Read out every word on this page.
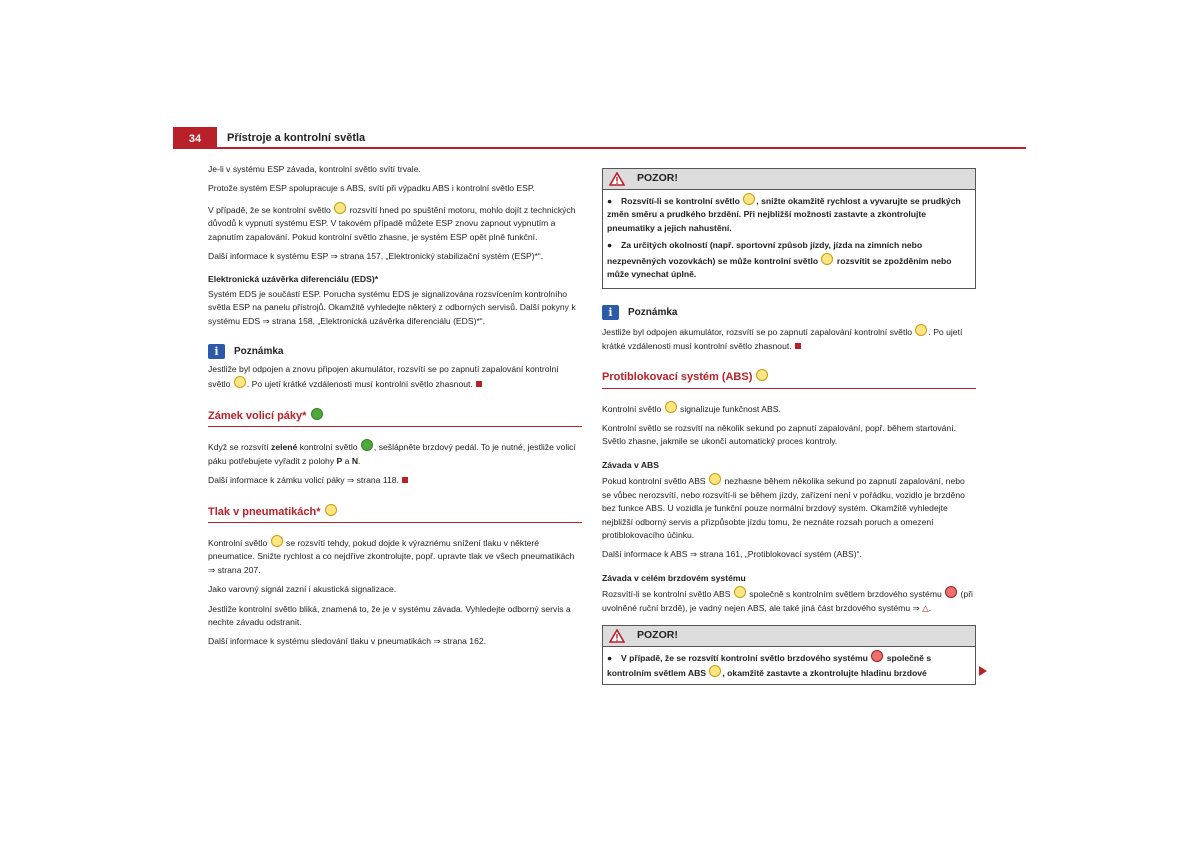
34	Přístroje a kontrolní světla

Je-li v systému ESP závada, kontrolní světlo svítí trvale.

Protože systém ESP spolupracuje s ABS, svítí při výpadku ABS i kontrolní světlo ESP.

V případě, že se kontrolní světlo rozsvítí hned po spuštění motoru, mohlo dojít z technických důvodů k vypnutí systému ESP. V takovém případě můžete ESP znovu zapnout vypnutím a zapnutím zapalování. Pokud kontrolní světlo zhasne, je systém ESP opět plně funkční.

Další informace k systému ESP ⇒ strana 157, „Elektronický stabilizační systém (ESP)*“.

Elektronická uzávěrka diferenciálu (EDS)*

Systém EDS je součástí ESP. Porucha systému EDS je signalizována rozsvícením kontrolního světla ESP na panelu přístrojů. Okamžitě vyhledejte některý z odborných servisů. Další pokyny k systému EDS ⇒ strana 158, „Elektronická uzávěrka diferenciálu (EDS)*“.

i	Poznámka

Jestliže byl odpojen a znovu připojen akumulátor, rozsvítí se po zapnutí zapalování kontrolní světlo . Po ujetí krátké vzdálenosti musí kontrolní světlo zhasnout.

Zámek volicí páky*

Když se rozsvítí zelené kontrolní světlo , sešlápněte brzdový pedál. To je nutné, jestliže volicí páku potřebujete vyřadit z polohy P a N.

Další informace k zámku volicí páky ⇒ strana 118.

Tlak v pneumatikách*

Kontrolní světlo se rozsvítí tehdy, pokud dojde k výraznému snížení tlaku v některé pneumatice. Snižte rychlost a co nejdříve zkontrolujte, popř. upravte tlak ve všech pneumatikách ⇒ strana 207.

Jako varovný signál zazní i akustická signalizace.

Jestliže kontrolní světlo bliká, znamená to, že je v systému závada. Vyhledejte odborný servis a nechte závadu odstranit.

Další informace k systému sledování tlaku v pneumatikách ⇒ strana 162.

POZOR!
● Rozsvítí-li se kontrolní světlo , snižte okamžitě rychlost a vyvarujte se prudkých změn směru a prudkého brzdění. Při nejbližší možnosti zastavte a zkontrolujte pneumatiky a jejich nahustění.
● Za určitých okolností (např. sportovní způsob jízdy, jízda na zimních nebo nezpevněných vozovkách) se může kontrolní světlo rozsvítit se zpožděním nebo může vynechat úplně.
i	Poznámka

Jestliže byl odpojen akumulátor, rozsvítí se po zapnutí zapalování kontrolní světlo . Po ujetí krátké vzdálenosti musí kontrolní světlo zhasnout.

Protiblokovací systém (ABS)

Kontrolní světlo signalizuje funkčnost ABS.

Kontrolní světlo se rozsvítí na několik sekund po zapnutí zapalování, popř. během startování. Světlo zhasne, jakmile se ukončí automatický proces kontroly.

Závada v ABS

Pokud kontrolní světlo ABS nezhasne během několika sekund po zapnutí zapalování, nebo se vůbec nerozsvítí, nebo rozsvítí-li se během jízdy, zařízení není v pořádku, vozidlo je brzděno bez funkce ABS. U vozidla je funkční pouze normální brzdový systém. Okamžitě vyhledejte nejbližší odborný servis a přizpůsobte jízdu tomu, že neznáte rozsah poruch a omezení protiblokovacího účinku.

Další informace k ABS ⇒ strana 161, „Protiblokovací systém (ABS)“.

Závada v celém brzdovém systému

Rozsvítí-li se kontrolní světlo ABS společně s kontrolním světlem brzdového systému (při uvolněné ruční brzdě), je vadný nejen ABS, ale také jiná část brzdového systému ⇒ △.

POZOR!
● V případě, že se rozsvítí kontrolní světlo brzdového systému společně s kontrolním světlem ABS , okamžitě zastavte a zkontrolujte hladinu brzdové
